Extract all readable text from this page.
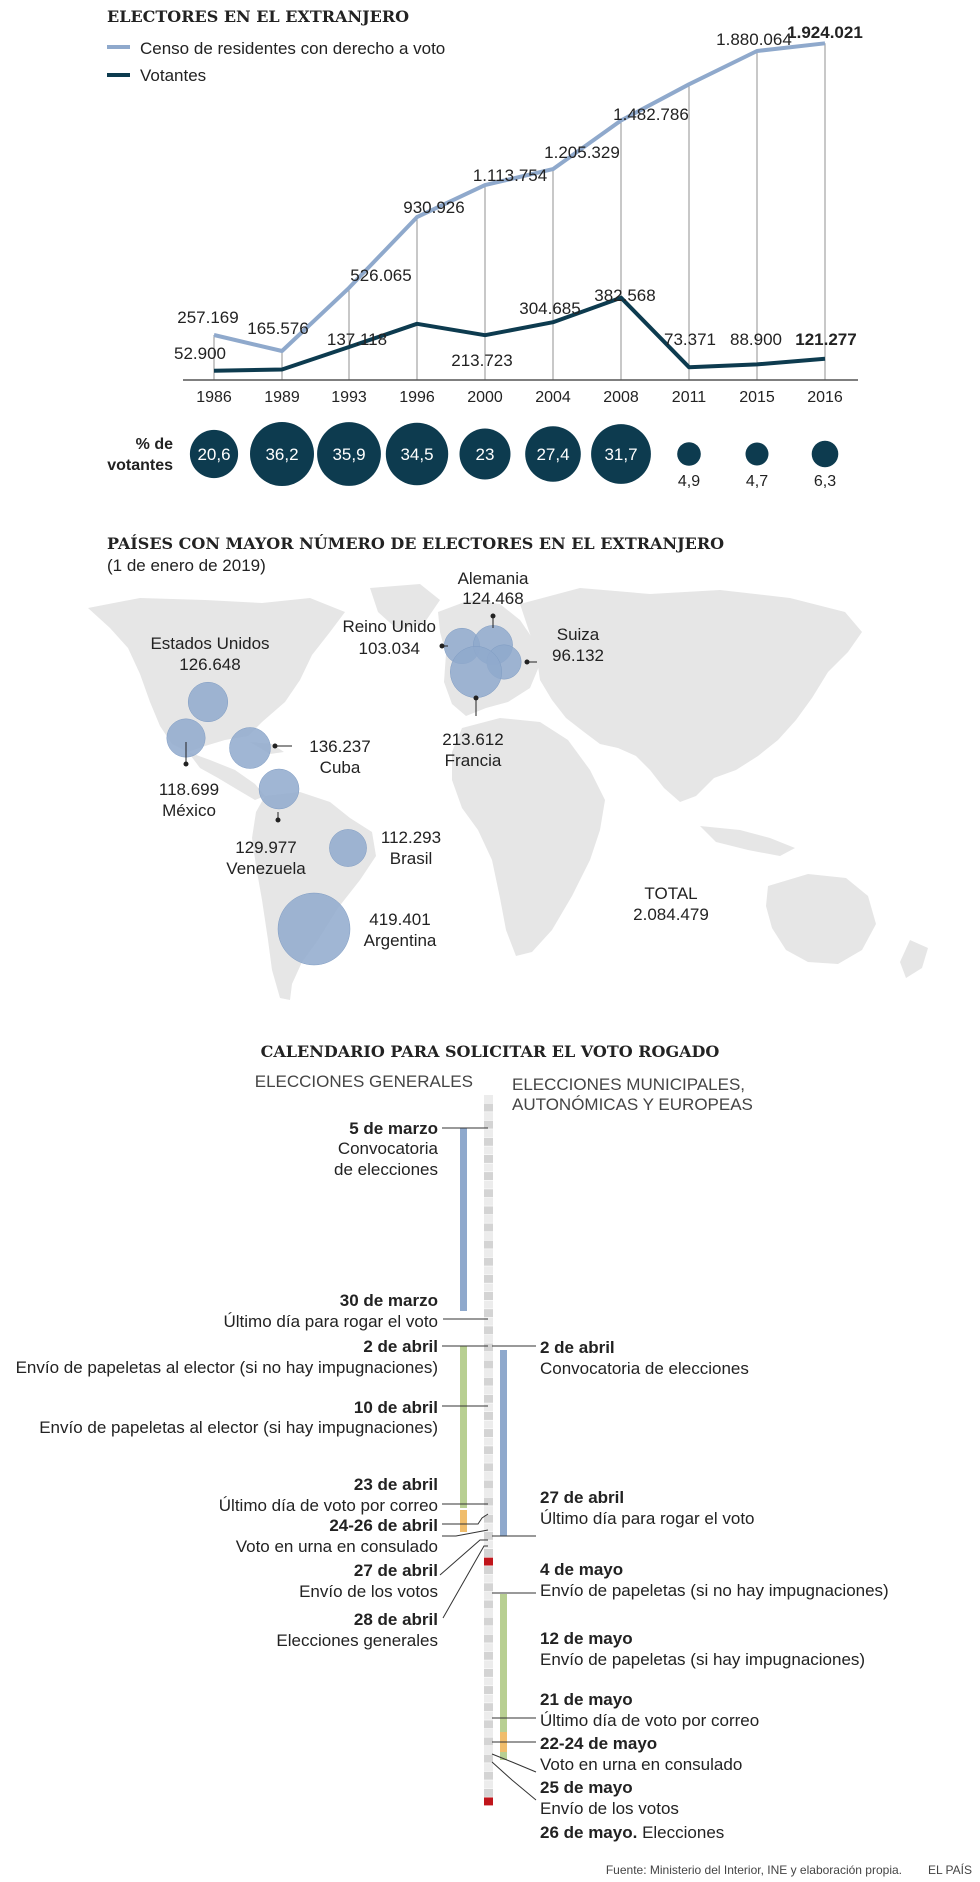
ELECTORES EN EL EXTRANJERO
Censo de residentes con derecho a voto
Votantes
257.169
165.576
526.065
930.926
1.113.754
1.205.329
1.482.786
1.880.064
1.924.021
52.900
137.118
213.723
304.685
382.568
73.371 88.900 121.277
1986 1989 1993 1996 2000 2004 2008 2011 2015 2016
% de
votantes
20,6 36,2 35,9 34,5 23 27,4 31,7
4,9	4,7	6,3
PAÍSES CON MAYOR NÚMERO DE ELECTORES EN EL EXTRANJERO
(1 de enero de 2019)
Estados Unidos
126.648
118.699
México
136.237
Cuba
129.977
Venezuela
112.293
Brasil
419.401
Argentina
Reino Unido
103.034
Alemania
124.468
Suiza
96.132
213.612
Francia
TOTAL
2.084.479
CALENDARIO PARA SOLICITAR EL VOTO ROGADO
ELECCIONES GENERALES ELECCIONES MUNICIPALES,
AUTONÓMICAS Y EUROPEAS
5 de marzo
Convocatoria
de elecciones
30 de marzo
Último día para rogar el voto
2 de abril
Envío de papeletas al elector (si no hay impugnaciones)
10 de abril
Envío de papeletas al elector (si hay impugnaciones)
23 de abril
Último día de voto por correo
24-26 de abril
Voto en urna en consulado
27 de abril
Envío de los votos
28 de abril
Elecciones generales
2 de abril
Convocatoria de elecciones
27 de abril
Último día para rogar el voto
4 de mayo
Envío de papeletas (si no hay impugnaciones)
12 de mayo
Envío de papeletas (si hay impugnaciones)
21 de mayo
Último día de voto por correo
22-24 de mayo
Voto en urna en consulado
25 de mayo
Envío de los votos
26 de mayo. Elecciones
Fuente: Ministerio del Interior, INE y elaboración propia. EL PAÍS
